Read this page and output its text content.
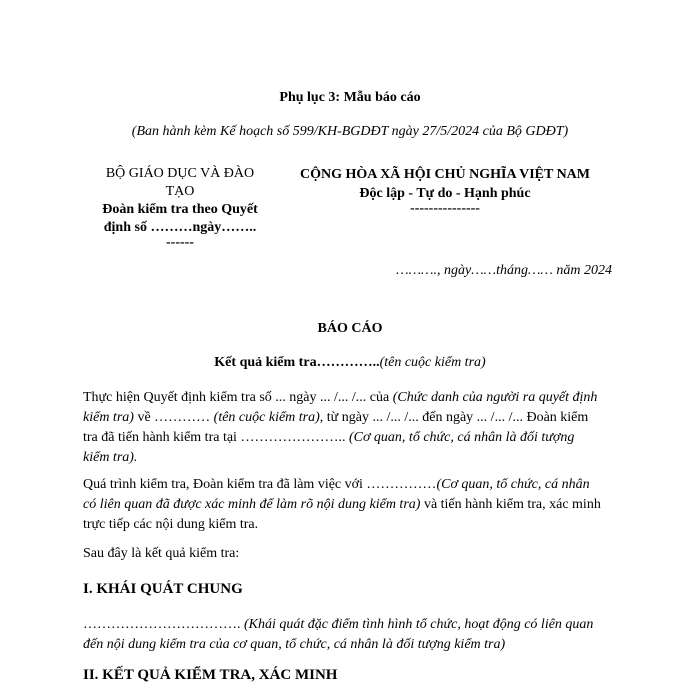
Phụ lục 3: Mẫu báo cáo
(Ban hành kèm Kế hoạch số 599/KH-BGDĐT ngày 27/5/2024 của Bộ GDĐT)
BỘ GIÁO DỤC VÀ ĐÀO
TẠO
Đoàn kiểm tra theo Quyết
định số ………ngày……..
------
CỘNG HÒA XÃ HỘI CHỦ NGHĨA VIỆT NAM
Độc lập - Tự do - Hạnh phúc
---------------
………., ngày……tháng…… năm 2024
BÁO CÁO
Kết quả kiểm tra…………..(tên cuộc kiểm tra)

Thực hiện Quyết định kiểm tra số ... ngày ... /... /... của (Chức danh của người ra quyết định kiểm tra) về ………… (tên cuộc kiểm tra), từ ngày ... /... /... đến ngày ... /... /... Đoàn kiểm tra đã tiến hành kiểm tra tại ………………….. (Cơ quan, tổ chức, cá nhân là đối tượng kiểm tra).

Quá trình kiểm tra, Đoàn kiểm tra đã làm việc với ……………(Cơ quan, tổ chức, cá nhân có liên quan đã được xác minh để làm rõ nội dung kiểm tra) và tiến hành kiểm tra, xác minh trực tiếp các nội dung kiểm tra.

Sau đây là kết quả kiểm tra:

I. KHÁI QUÁT CHUNG

……………………………. (Khái quát đặc điểm tình hình tổ chức, hoạt động có liên quan đến nội dung kiểm tra của cơ quan, tổ chức, cá nhân là đối tượng kiểm tra)

II. KẾT QUẢ KIỂM TRA, XÁC MINH
